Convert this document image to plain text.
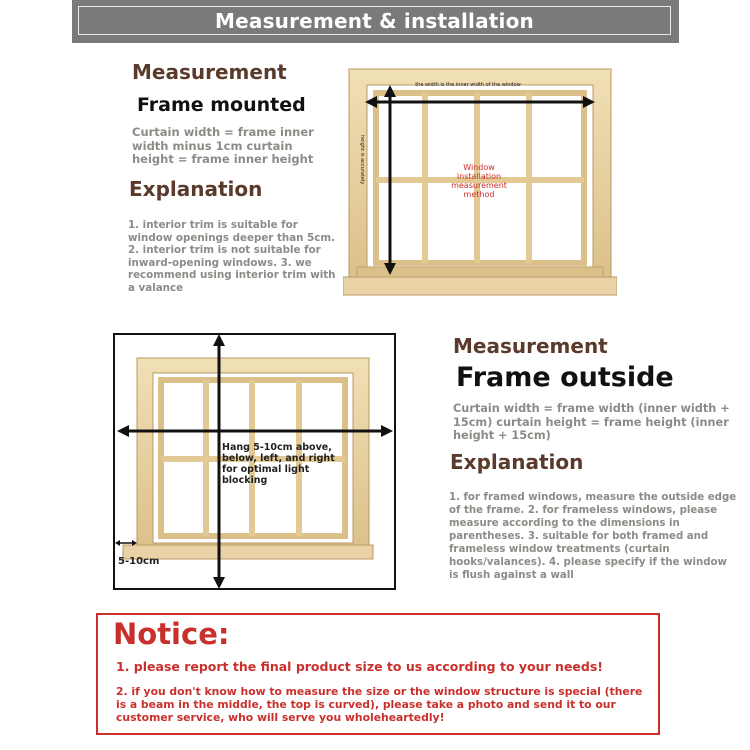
Measurement & installation
Measurement
Frame mounted
Curtain width = frame inner width minus 1cm curtain height = frame inner height
Explanation
1. interior trim is suitable for window openings deeper than 5cm. 2. interior trim is not suitable for inward-opening windows. 3. we recommend using interior trim with a valance
the width is the inner width of the window
height is accurately	Window installation measurement method
Hang 5-10cm above, below, left, and right for optimal light blocking
5-10cm
Measurement
Frame outside
Curtain width = frame width (inner width + 15cm) curtain height = frame height (inner height + 15cm)
Explanation
1. for framed windows, measure the outside edge of the frame. 2. for frameless windows, please measure according to the dimensions in parentheses. 3. suitable for both framed and frameless window treatments (curtain hooks/valances). 4. please specify if the window is flush against a wall
Notice:
1. please report the final product size to us according to your needs!
2. if you don't know how to measure the size or the window structure is special (there is a beam in the middle, the top is curved), please take a photo and send it to our customer service, who will serve you wholeheartedly!
